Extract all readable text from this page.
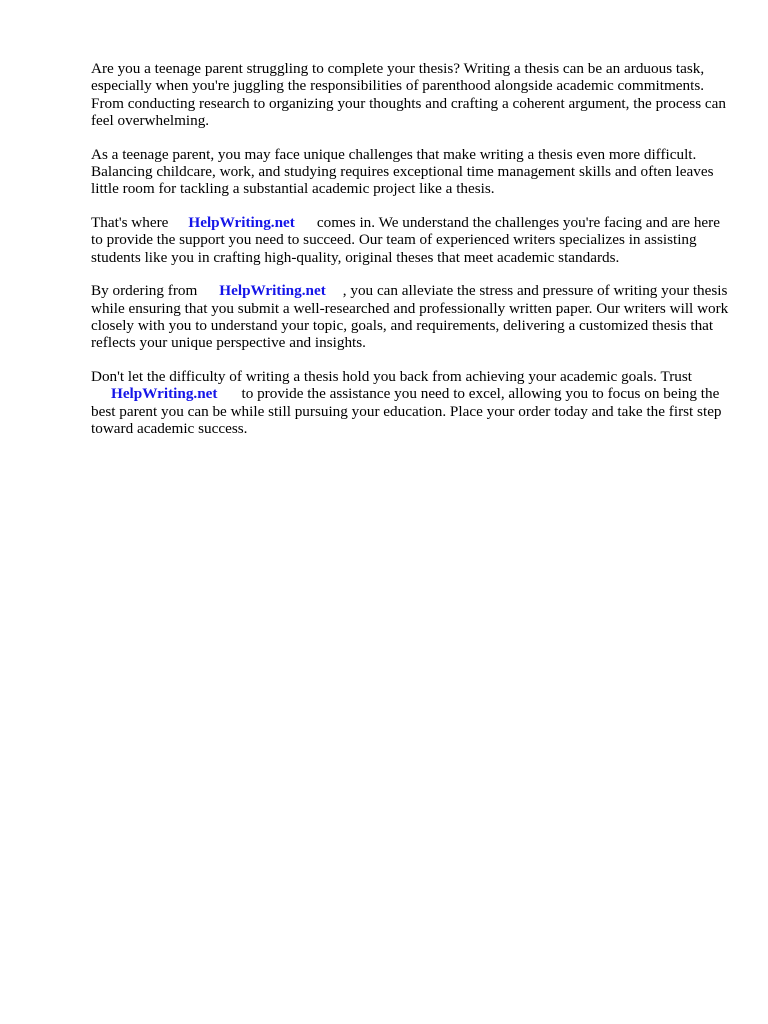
Are you a teenage parent struggling to complete your thesis? Writing a thesis can be an arduous task, especially when you're juggling the responsibilities of parenthood alongside academic commitments. From conducting research to organizing your thoughts and crafting a coherent argument, the process can feel overwhelming.

As a teenage parent, you may face unique challenges that make writing a thesis even more difficult. Balancing childcare, work, and studying requires exceptional time management skills and often leaves little room for tackling a substantial academic project like a thesis.

That's where HelpWriting.net comes in. We understand the challenges you're facing and are here to provide the support you need to succeed. Our team of experienced writers specializes in assisting students like you in crafting high-quality, original theses that meet academic standards.

By ordering from HelpWriting.net , you can alleviate the stress and pressure of writing your thesis while ensuring that you submit a well-researched and professionally written paper. Our writers will work closely with you to understand your topic, goals, and requirements, delivering a customized thesis that reflects your unique perspective and insights.

Don't let the difficulty of writing a thesis hold you back from achieving your academic goals. Trust
HelpWriting.net to provide the assistance you need to excel, allowing you to focus on being the best parent you can be while still pursuing your education. Place your order today and take the first step toward academic success.
